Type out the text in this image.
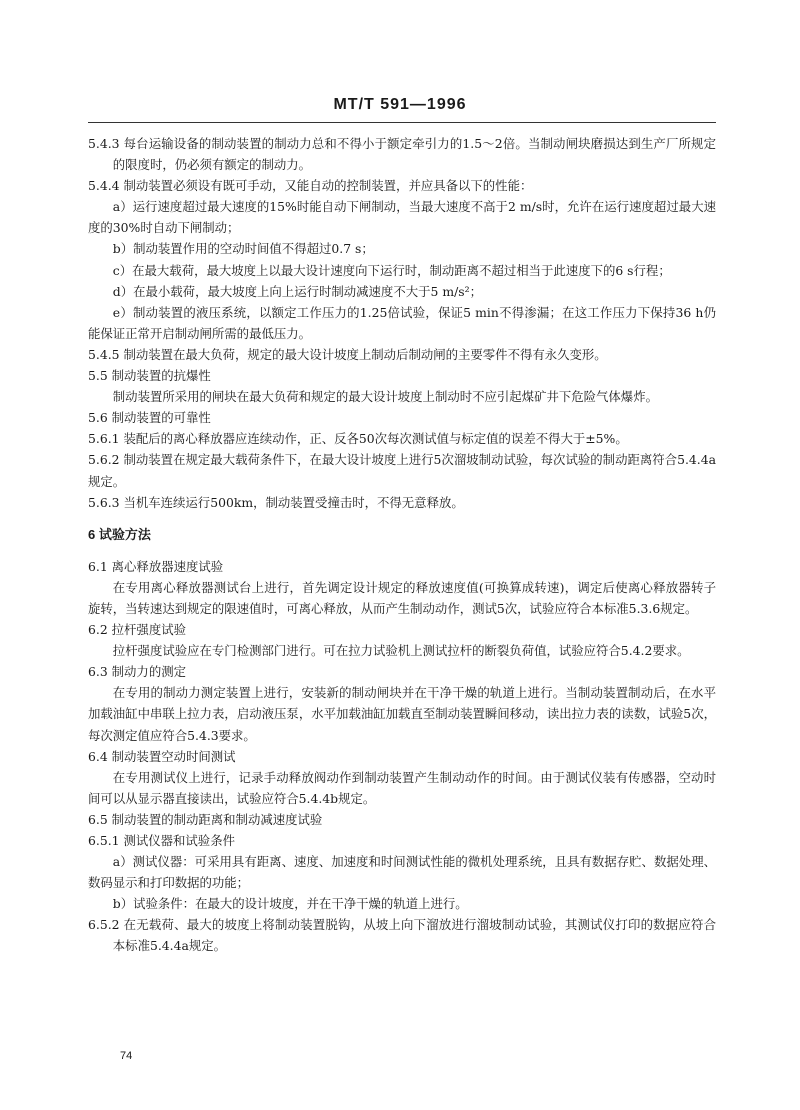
MT/T 591—1996

5.4.3 每台运输设备的制动装置的制动力总和不得小于额定牵引力的1.5～2倍。当制动闸块磨损达到生产厂所规定的限度时，仍必须有额定的制动力。

5.4.4 制动装置必须设有既可手动，又能自动的控制装置，并应具备以下的性能：

a）运行速度超过最大速度的15%时能自动下闸制动，当最大速度不高于2 m/s时，允许在运行速度超过最大速度的30%时自动下闸制动；

b）制动装置作用的空动时间值不得超过0.7 s；

c）在最大载荷，最大坡度上以最大设计速度向下运行时，制动距离不超过相当于此速度下的6 s行程；

d）在最小载荷，最大坡度上向上运行时制动减速度不大于5 m/s²；

e）制动装置的液压系统，以额定工作压力的1.25倍试验，保证5 min不得渗漏；在这工作压力下保持36 h仍能保证正常开启制动闸所需的最低压力。

5.4.5 制动装置在最大负荷，规定的最大设计坡度上制动后制动闸的主要零件不得有永久变形。

5.5 制动装置的抗爆性

制动装置所采用的闸块在最大负荷和规定的最大设计坡度上制动时不应引起煤矿井下危险气体爆炸。

5.6 制动装置的可靠性

5.6.1 装配后的离心释放器应连续动作，正、反各50次每次测试值与标定值的误差不得大于±5%。

5.6.2 制动装置在规定最大载荷条件下，在最大设计坡度上进行5次溜坡制动试验，每次试验的制动距离符合5.4.4a规定。

5.6.3 当机车连续运行500km，制动装置受撞击时，不得无意释放。

6 试验方法

6.1 离心释放器速度试验

在专用离心释放器测试台上进行，首先调定设计规定的释放速度值(可换算成转速)，调定后使离心释放器转子旋转，当转速达到规定的限速值时，可离心释放，从而产生制动动作，测试5次，试验应符合本标准5.3.6规定。

6.2 拉杆强度试验

拉杆强度试验应在专门检测部门进行。可在拉力试验机上测试拉杆的断裂负荷值，试验应符合5.4.2要求。

6.3 制动力的测定

在专用的制动力测定装置上进行，安装新的制动闸块并在干净干燥的轨道上进行。当制动装置制动后，在水平加载油缸中串联上拉力表，启动液压泵，水平加载油缸加载直至制动装置瞬间移动，读出拉力表的读数，试验5次，每次测定值应符合5.4.3要求。

6.4 制动装置空动时间测试

在专用测试仪上进行，记录手动释放阀动作到制动装置产生制动动作的时间。由于测试仪装有传感器，空动时间可以从显示器直接读出，试验应符合5.4.4b规定。

6.5 制动装置的制动距离和制动减速度试验

6.5.1 测试仪器和试验条件

a）测试仪器：可采用具有距离、速度、加速度和时间测试性能的微机处理系统，且具有数据存贮、数据处理、数码显示和打印数据的功能；

b）试验条件：在最大的设计坡度，并在干净干燥的轨道上进行。

6.5.2 在无载荷、最大的坡度上将制动装置脱钩，从坡上向下溜放进行溜坡制动试验，其测试仪打印的数据应符合本标准5.4.4a规定。

74
